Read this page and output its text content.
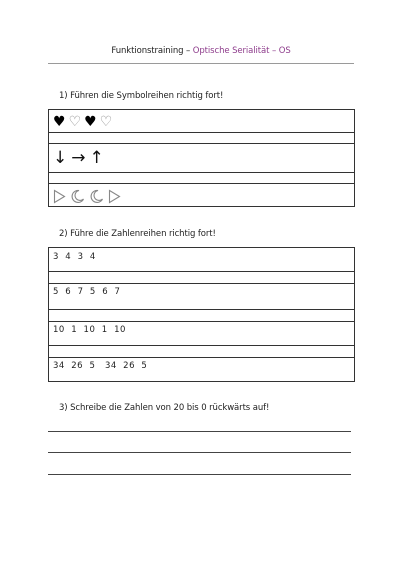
Funktionstraining – Optische Serialität – OS
1) Führen die Symbolreihen richtig fort!
♥ ♡ ♥ ♡
↓ → ↑
2) Führe die Zahlenreihen richtig fort!
3  4  3  4
5  6  7  5  6  7
10  1  10  1  10
34  26  5   34  26  5
3) Schreibe die Zahlen von 20 bis 0 rückwärts auf!
